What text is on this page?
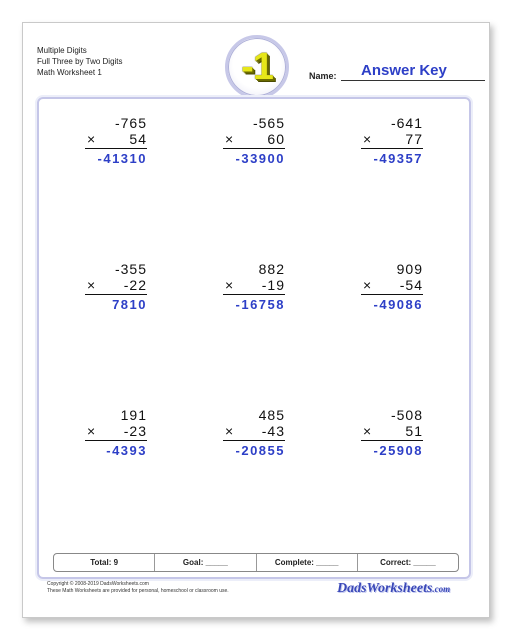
Multiple Digits
Full Three by Two Digits
Math Worksheet 1	-1	Name: Answer Key
-765
× 54
-41310
-565
× 60
-33900
-641
× 77
-49357
-355
× -22
7810
882
× -19
-16758
909
× -54
-49086
191
× -23
-4393
485
× -43
-20855
-508
× 51
-25908
Total: 9	Goal: _____	Complete: _____	Correct: _____
Copyright © 2008-2019 DadsWorksheets.com
These Math Worksheets are provided for personal, homeschool or classroom use.	DadsWorksheets.com
